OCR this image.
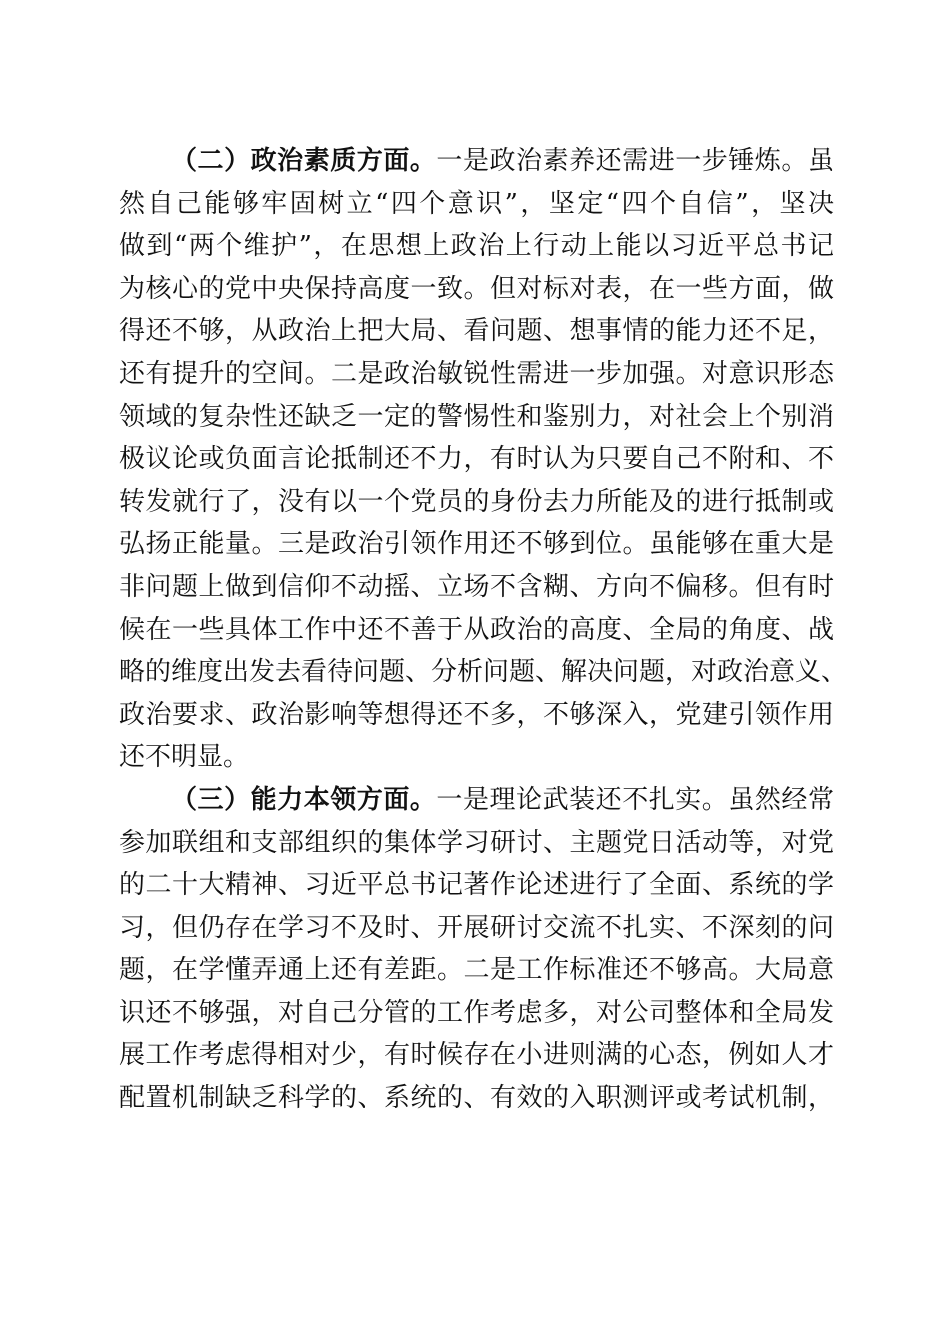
（二）政治素质方面。一是政治素养还需进一步锤炼。虽
然自己能够牢固树立“四个意识”，坚定“四个自信”，坚决
做到“两个维护”，在思想上政治上行动上能以习近平总书记
为核心的党中央保持高度一致。但对标对表，在一些方面，做
得还不够，从政治上把大局、看问题、想事情的能力还不足，
还有提升的空间。二是政治敏锐性需进一步加强。对意识形态
领域的复杂性还缺乏一定的警惕性和鉴别力，对社会上个别消
极议论或负面言论抵制还不力，有时认为只要自己不附和、不
转发就行了，没有以一个党员的身份去力所能及的进行抵制或
弘扬正能量。三是政治引领作用还不够到位。虽能够在重大是
非问题上做到信仰不动摇、立场不含糊、方向不偏移。但有时
候在一些具体工作中还不善于从政治的高度、全局的角度、战
略的维度出发去看待问题、分析问题、解决问题，对政治意义、
政治要求、政治影响等想得还不多，不够深入，党建引领作用
还不明显。
（三）能力本领方面。一是理论武装还不扎实。虽然经常
参加联组和支部组织的集体学习研讨、主题党日活动等，对党
的二十大精神、习近平总书记著作论述进行了全面、系统的学
习，但仍存在学习不及时、开展研讨交流不扎实、不深刻的问
题，在学懂弄通上还有差距。二是工作标准还不够高。大局意
识还不够强，对自己分管的工作考虑多，对公司整体和全局发
展工作考虑得相对少，有时候存在小进则满的心态，例如人才
配置机制缺乏科学的、系统的、有效的入职测评或考试机制，
